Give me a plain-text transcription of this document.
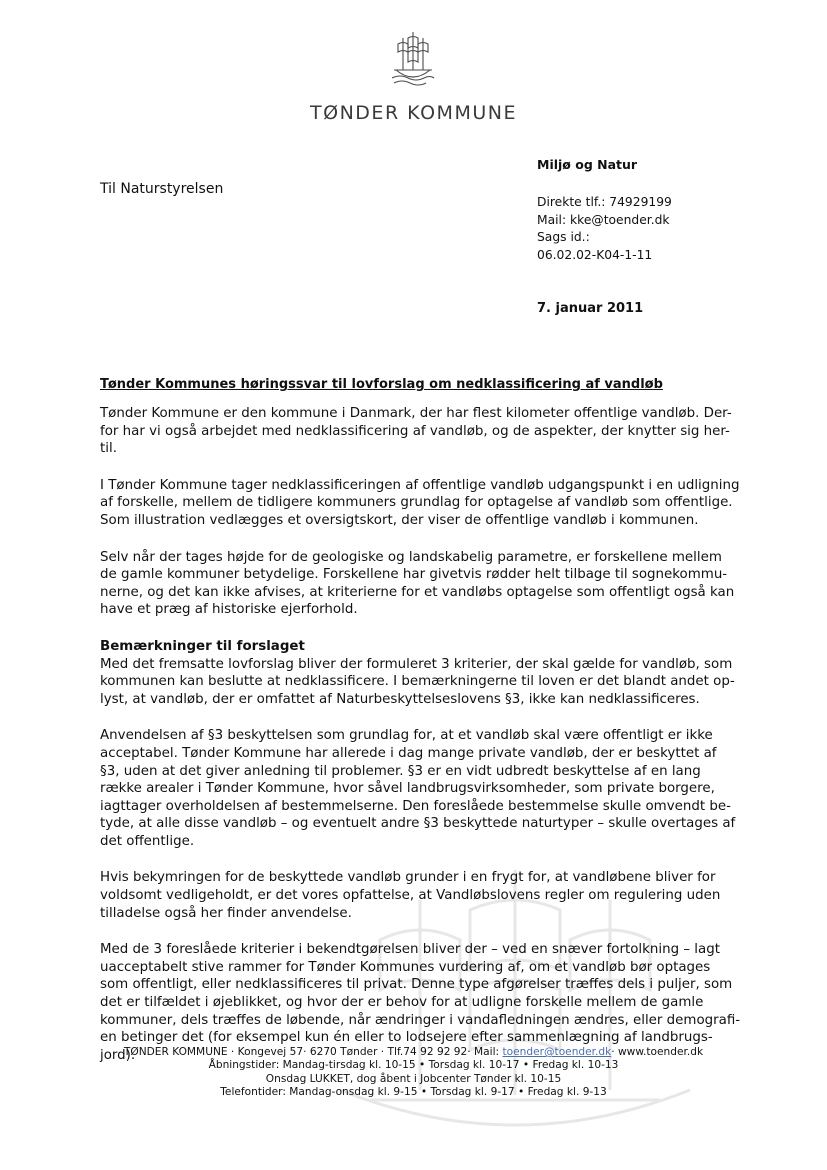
TØNDER KOMMUNE
Til Naturstyrelsen
Miljø og Natur
Direkte tlf.: 74929199
Mail: kke@toender.dk
Sags id.:
06.02.02-K04-1-11
7. januar 2011
Tønder Kommunes høringssvar til lovforslag om nedklassificering af vandløb
Tønder Kommune er den kommune i Danmark, der har flest kilometer offentlige vandløb. Der-
for har vi også arbejdet med nedklassificering af vandløb, og de aspekter, der knytter sig her-
til.
I Tønder Kommune tager nedklassificeringen af offentlige vandløb udgangspunkt i en udligning
af forskelle, mellem de tidligere kommuners grundlag for optagelse af vandløb som offentlige.
Som illustration vedlægges et oversigtskort, der viser de offentlige vandløb i kommunen.
Selv når der tages højde for de geologiske og landskabelig parametre, er forskellene mellem
de gamle kommuner betydelige. Forskellene har givetvis rødder helt tilbage til sognekommu-
nerne, og det kan ikke afvises, at kriterierne for et vandløbs optagelse som offentligt også kan
have et præg af historiske ejerforhold.
Bemærkninger til forslaget
Med det fremsatte lovforslag bliver der formuleret 3 kriterier, der skal gælde for vandløb, som
kommunen kan beslutte at nedklassificere. I bemærkningerne til loven er det blandt andet op-
lyst, at vandløb, der er omfattet af Naturbeskyttelseslovens §3, ikke kan nedklassificeres.
Anvendelsen af §3 beskyttelsen som grundlag for, at et vandløb skal være offentligt er ikke
acceptabel. Tønder Kommune har allerede i dag mange private vandløb, der er beskyttet af
§3, uden at det giver anledning til problemer. §3 er en vidt udbredt beskyttelse af en lang
række arealer i Tønder Kommune, hvor såvel landbrugsvirksomheder, som private borgere,
iagttager overholdelsen af bestemmelserne. Den foreslåede bestemmelse skulle omvendt be-
tyde, at alle disse vandløb – og eventuelt andre §3 beskyttede naturtyper – skulle overtages af
det offentlige.
Hvis bekymringen for de beskyttede vandløb grunder i en frygt for, at vandløbene bliver for
voldsomt vedligeholdt, er det vores opfattelse, at Vandløbslovens regler om regulering uden
tilladelse også her finder anvendelse.
Med de 3 foreslåede kriterier i bekendtgørelsen bliver der – ved en snæver fortolkning – lagt
uacceptabelt stive rammer for Tønder Kommunes vurdering af, om et vandløb bør optages
som offentligt, eller nedklassificeres til privat. Denne type afgørelser træffes dels i puljer, som
det er tilfældet i øjeblikket, og hvor der er behov for at udligne forskelle mellem de gamle
kommuner, dels træffes de løbende, når ændringer i vandafledningen ændres, eller demografi-
en betinger det (for eksempel kun én eller to lodsejere efter sammenlægning af landbrugs-
jord).
TØNDER KOMMUNE · Kongevej 57· 6270 Tønder · Tlf.74 92 92 92· Mail: toender@toender.dk· www.toender.dk
Åbningstider: Mandag-tirsdag kl. 10-15 • Torsdag kl. 10-17 • Fredag kl. 10-13
Onsdag LUKKET, dog åbent i Jobcenter Tønder kl. 10-15
Telefontider: Mandag-onsdag kl. 9-15 • Torsdag kl. 9-17 • Fredag kl. 9-13
